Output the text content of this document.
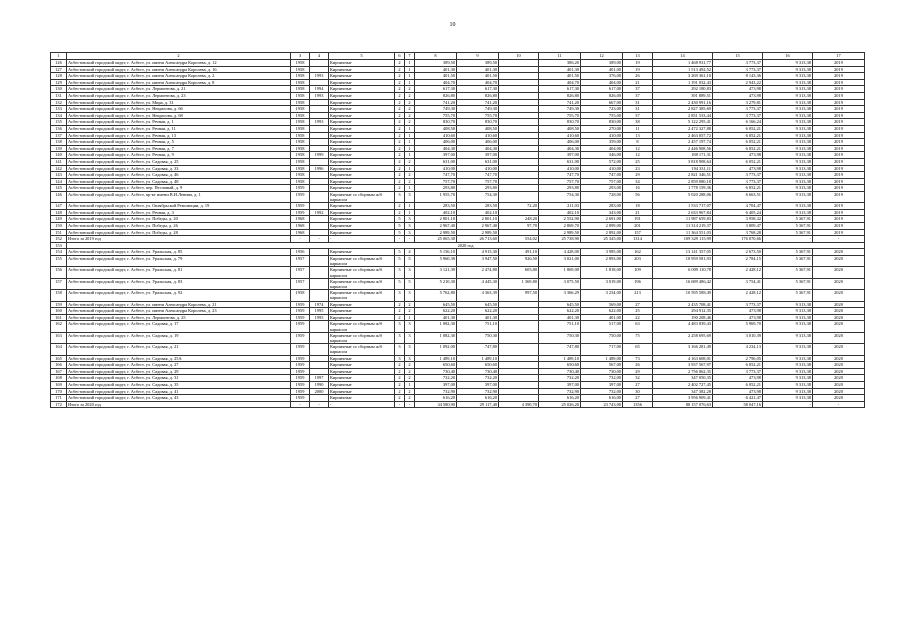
10
1	2	3	4	5	6	7	8	9	10	11	12	13	14	15	16	17
126	Асбестовский городской округ, г. Асбест, ул. имени Александра Королева, д. 12	1958		Кирпичные	2	1	389,50	389,50		386,20	389,00	19	1 468 931,77	3 773,37	9 313,38	2019
127	Асбестовский городской округ, г. Асбест, ул. имени Александра Королева, д. 16	1958		Кирпичные	2	1	401,30	401,30		401,30	401,00	19	1 513 492,52	3 773,37	9 313,38	2019
128	Асбестовский городской округ, г. Асбест, ул. имени Александра Королева, д. 2	1958	1993	Кирпичные	2	1	401,50	401,50		401,50	376,00	26	3 269 361,10	8 143,36	9 313,38	2019
129	Асбестовский городской округ, г. Асбест, ул. имени Александра Королева, д. 8	1958		Кирпичные	2	1	404,70	404,70		404,70	404,00	21	1 191 032,43	2 943,22	9 313,38	2019
130	Асбестовский городской округ, г. Асбест, ул. Лермонтова, д. 21	1958	1994	Кирпичные	2	2	617,30	617,30		617,30	617,00	37	292 180,83	473,98	9 313,38	2019
131	Асбестовский городской округ, г. Асбест, ул. Лермонтова, д. 23	1958	1993	Кирпичные	2	2	826,80	826,80		826,80	826,00	37	391 889,51	473,98	9 313,38	2019
132	Асбестовский городской округ, г. Асбест, ул. Мира, д. 31	1958		Кирпичные	2	2	741,20	741,20		741,20	667,00	31	2 430 991,16	3 279,81	9 313,38	2019
133	Асбестовский городской округ, г. Асбест, ул. Некрасова, д. 66	1958		Кирпичные	2	2	749,30	749,30		749,30	723,00	31	2 827 385,69	3 773,37	9 313,38	2019
134	Асбестовский городской округ, г. Асбест, ул. Некрасова, д. 68	1958		Кирпичные	2	2	755,70	755,70		755,70	755,00	37	2 851 533,44	3 773,37	9 313,38	2019
135	Асбестовский городской округ, г. Асбест, ул. Речная, д. 1	1958	1993	Кирпичные	2	2	830,70	830,70		830,70	830,00	38	5 122 295,41	6 166,24	9 313,38	2019
136	Асбестовский городской округ, г. Асбест, ул. Речная, д. 11	1958		Кирпичные	2	1	408,50	408,50		408,50	270,00	11	2 472 327,88	6 052,21	9 313,38	2019
137	Асбестовский городской округ, г. Асбест, ул. Речная, д. 13	1958		Кирпичные	2	1	410,60	410,60		410,60	410,00	13	2 463 057,72	6 052,21	9 313,38	2019
138	Асбестовский городской округ, г. Асбест, ул. Речная, д. 5	1958		Кирпичные	2	1	406,00	406,00		406,00	359,00	8	2 457 197,74	6 052,21	9 313,38	2019
139	Асбестовский городской округ, г. Асбест, ул. Речная, д. 7	1958		Кирпичные	2	1	404,30	404,30		404,30	404,00	12	2 446 908,56	6 052,21	9 313,38	2019
140	Асбестовский городской округ, г. Асбест, ул. Речная, д. 9	1958	1999	Кирпичные	2	1	397,00	397,00		397,00	346,00	12	188 171,31	473,98	9 313,38	2019
141	Асбестовский городской округ, г. Асбест, ул. Садовая, д. 25	1958		Кирпичные	2	2	631,00	631,00		631,00	572,00	25	3 818 908,64	6 052,21	9 313,38	2019
142	Асбестовский городской округ, г. Асбест, ул. Садовая, д. 33	1958	1996	Кирпичные	2	1	410,00	410,00		410,00	410,00	23	194 331,11	473,98	9 313,38	2019
143	Асбестовский городской округ, г. Асбест, ул. Садовая, д. 46	1958		Кирпичные	2	2	747,70	747,70		747,70	747,00	29	2 821 346,51	3 773,37	9 313,38	2019
144	Асбестовский городской округ, г. Асбест, ул. Садовая, д. 48	1958		Кирпичные	2	2	757,70	757,70		757,70	757,00	34	2 859 080,18	3 773,37	9 313,38	2019
145	Асбестовский городской округ, г. Асбест, пер. Песчаный, д. 9	1959		Кирпичные	2	1	293,80	293,80		293,80	293,00	16	1 778 159,36	6 052,21	9 313,38	2019
146	Асбестовский городской округ, г. Асбест, пр-кт имени В.И.Ленина, д. 1	1959		Кирпичные со сборным ж/б каркасом	3	3	1 955,70	754,30		754,30	728,00	56	5 020 288,06	6 663,51	9 313,38	2019
147	Асбестовский городской округ, г. Асбест, ул. Октябрьской Революции, д. 19	1959		Кирпичные	2	1	283,50	283,50	72,20	211,03	283,00	18	1 533 717,07	4 704,47	9 313,38	2019
148	Асбестовский городской округ, г. Асбест, ул. Речная, д. 3	1959	1992	Кирпичные	2	1	402,10	402,10		402,10	343,00	21	2 633 967,84	6 405,24	9 313,38	2019
149	Асбестовский городской округ, г. Асбест, ул. Победы, д. 20	1968		Кирпичные	5	3	2 801,10	2 801,10	248,20	2 552,90	2 691,00	191	11 987 659,83	3 958,32	5 367,91	2019
150	Асбестовский городской округ, г. Асбест, ул. Победы, д. 26	1968		Кирпичные	5	3	2 967,40	2 967,40	97,70	2 869,70	2 899,00	201	11 314 219,37	3 809,47	5 367,91	2019
151	Асбестовский городской округ, г. Асбест, ул. Победы, д. 28	1968		Кирпичные	5	3	2 989,50	2 989,50		2 989,50	2 892,00	157	11 364 551,03	3 768,28	5 367,91	2019
152	Итого за 2019 год	-	-	-	-	-	25 065,30	26 713,60	554,02	25 738,90	25 345,00	1314	109 329 115,99	176 070,66	-	-
153	2020 год															
154	Асбестовский городской округ, г. Асбест, ул. Уральская, д. 85	1956		Кирпичные	5	4	5 156,10	4 915,30	491,10	4 428,00	3 985,00	162	13 141 357,05	2 673,50	5 367,91	2020
155	Асбестовский городской округ, г. Асбест, ул. Уральская, д. 79	1957		Кирпичные со сборным ж/б каркасом	5	5	5 960,39	3 947,50	926,50	3 021,00	2 893,00	203	10 959 581,93	2 784,15	5 367,91	2020
156	Асбестовский городской округ, г. Асбест, ул. Уральская, д. 81	1957		Кирпичные со сборным ж/б каркасом	3	3	3 121,39	2 474,80	605,80	1 869,00	1 818,00	109	6 009 110,78	2 428,12	5 367,91	2020
157	Асбестовский городской округ, г. Асбест, ул. Уральская, д. 83	1957		Кирпичные со сборным ж/б каркасом	5	5	5 210,30	4 445,30	1 369,80	3 075,50	3 019,00	196	16 689 486,42	3 754,41	5 367,91	2020
158	Асбестовский городской округ, г. Асбест, ул. Уральская, д. 92	1958		Кирпичные со сборным ж/б каркасом	3	3	5 762,80	4 363,39	997,50	3 366,29	3 234,00	213	10 595 588,49	2 428,12	5 367,91	2020
159	Асбестовский городской округ, г. Асбест, ул. имени Александра Королева, д. 21	1959	1974	Кирпичные	2	2	645,50	645,50		645,50	569,00	27	2 435 708,41	3 773,37	9 313,38	2020
160	Асбестовский городской округ, г. Асбест, ул. имени Александра Королева, д. 23	1959	1995	Кирпичные	2	2	622,20	622,20		622,20	622,00	25	294 912,35	473,98	9 313,38	2020
161	Асбестовский городской округ, г. Асбест, ул. Лермонтова, д. 25	1959	1995	Кирпичные	2	1	401,30	401,30		401,30	401,00	22	190 208,46	473,98	9 313,38	2020
162	Асбестовский городской округ, г. Асбест, ул. Садовая, д. 17	1959		Кирпичные со сборным ж/б каркасом	3	3	1 082,30	751,10		751,10	517,00	63	4 483 839,43	5 969,70	9 313,38	2020
163	Асбестовский городской округ, г. Асбест, ул. Садовая, д. 19	1959		Кирпичные со сборным ж/б каркасом	3	3	1 082,30	750,30		750,30	750,00	75	2 258 695,69	3 010,39	9 313,38	2020
164	Асбестовский городской округ, г. Асбест, ул. Садовая, д. 21	1959		Кирпичные со сборным ж/б каркасом	3	3	1 092,00	747,80		747,80	717,00	65	3 166 281,49	4 234,13	9 313,38	2020
165	Асбестовский городской округ, г. Асбест, ул. Садовая, д. 25А	1959		Кирпичные	3	3	1 489,10	1 489,10		1 489,10	1 489,00	73	4 163 608,01	2 796,05	9 313,38	2020
166	Асбестовский городской округ, г. Асбест, ул. Садовая, д. 27	1959		Кирпичные	2	2	650,60	650,60		650,60	567,00	26	3 937 567,97	6 052,21	9 313,38	2020
167	Асбестовский городской округ, г. Асбест, ул. Садовая, д. 29	1959		Кирпичные	2	2	730,40	730,40		730,40	730,00	29	2 756 062,35	3 773,37	9 313,38	2020
168	Асбестовский городской округ, г. Асбест, ул. Садовая, д. 31	1959	1997	Кирпичные	2	2	732,20	732,20		732,20	732,00	32	347 050,35	473,98	9 313,38	2020
169	Асбестовский городской округ, г. Асбест, ул. Садовая, д. 35	1959	1990	Кирпичные	2	1	397,00	397,00		397,00	397,00	27	2 402 727,45	6 052,21	9 313,38	2020
170	Асбестовский городской округ, г. Асбест, ул. Садовая, д. 41	1959	2000	Кирпичные	2	2	732,90	732,90		732,90	732,00	30	347 382,28	473,98	9 313,38	2020
171	Асбестовский городской округ, г. Асбест, ул. Садовая, д. 43	1959		Кирпичные	2	2	616,20	616,20		616,20	616,00	27	3 956 909,41	6 421,47	9 313,38	2020
172	Итого за 2020 год	-	-	-	-	-	34 580,90	29 117,40	4 390,70	25 026,20	23 743,00	1356	88 157 076,63	58 047,16	-	-
